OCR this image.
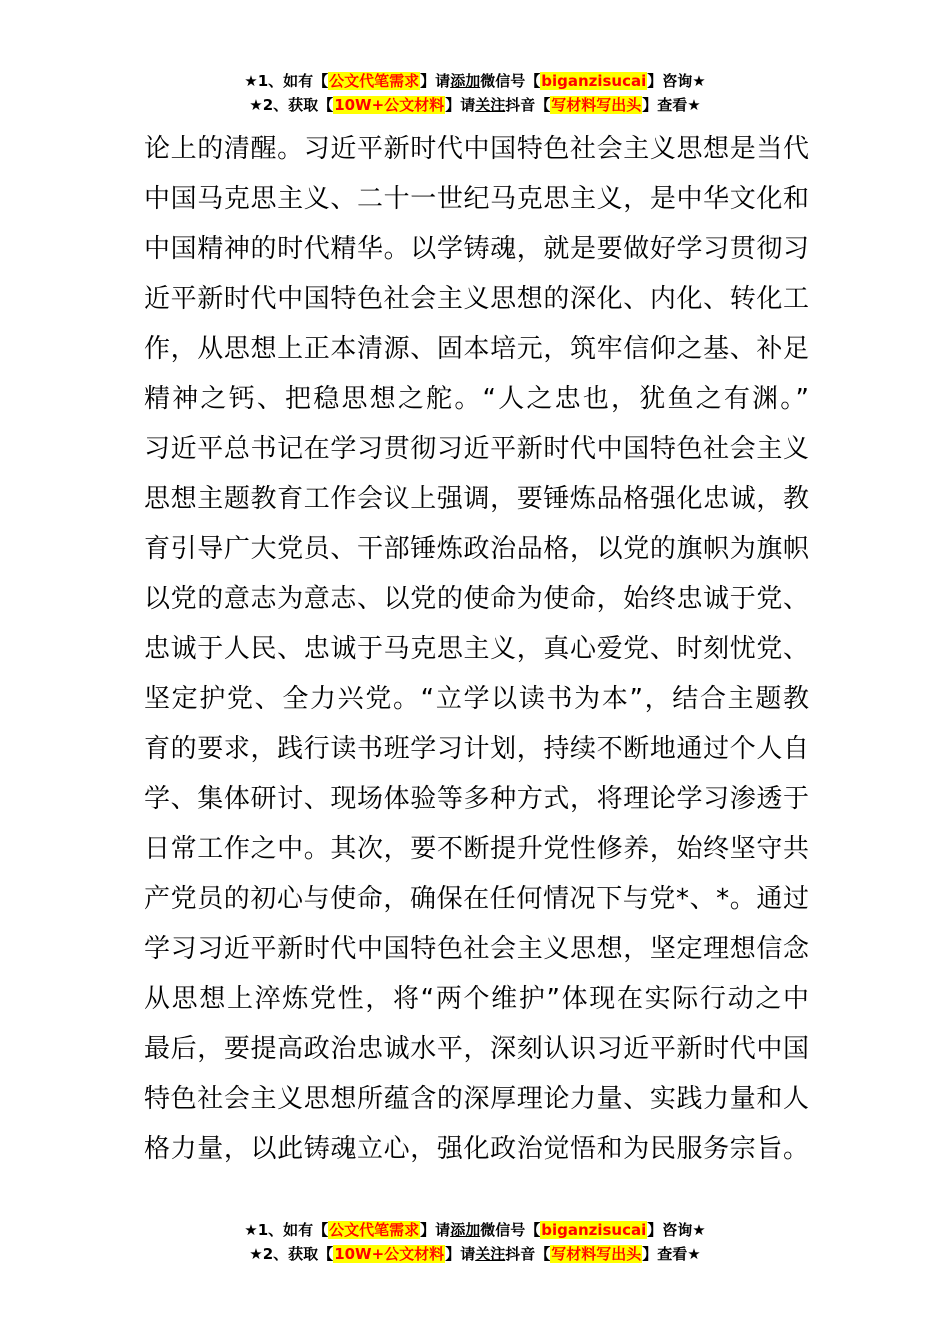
★1、如有【公文代笔需求】请添加微信号【biganzisucai】咨询★
★2、获取【10W+公文材料】请关注抖音【写材料写出头】查看★
论上的清醒。习近平新时代中国特色社会主义思想是当代
中国马克思主义、二十一世纪马克思主义，是中华文化和
中国精神的时代精华。以学铸魂，就是要做好学习贯彻习
近平新时代中国特色社会主义思想的深化、内化、转化工
作，从思想上正本清源、固本培元，筑牢信仰之基、补足
精神之钙、把稳思想之舵。“人之忠也，犹鱼之有渊。”
习近平总书记在学习贯彻习近平新时代中国特色社会主义
思想主题教育工作会议上强调，要锤炼品格强化忠诚，教
育引导广大党员、干部锤炼政治品格，以党的旗帜为旗帜
以党的意志为意志、以党的使命为使命，始终忠诚于党、
忠诚于人民、忠诚于马克思主义，真心爱党、时刻忧党、
坚定护党、全力兴党。“立学以读书为本”，结合主题教
育的要求，践行读书班学习计划，持续不断地通过个人自
学、集体研讨、现场体验等多种方式，将理论学习渗透于
日常工作之中。其次，要不断提升党性修养，始终坚守共
产党员的初心与使命，确保在任何情况下与党*、*。通过
学习习近平新时代中国特色社会主义思想，坚定理想信念
从思想上淬炼党性，将“两个维护”体现在实际行动之中
最后，要提高政治忠诚水平，深刻认识习近平新时代中国
特色社会主义思想所蕴含的深厚理论力量、实践力量和人
格力量，以此铸魂立心，强化政治觉悟和为民服务宗旨。
★1、如有【公文代笔需求】请添加微信号【biganzisucai】咨询★
★2、获取【10W+公文材料】请关注抖音【写材料写出头】查看★
